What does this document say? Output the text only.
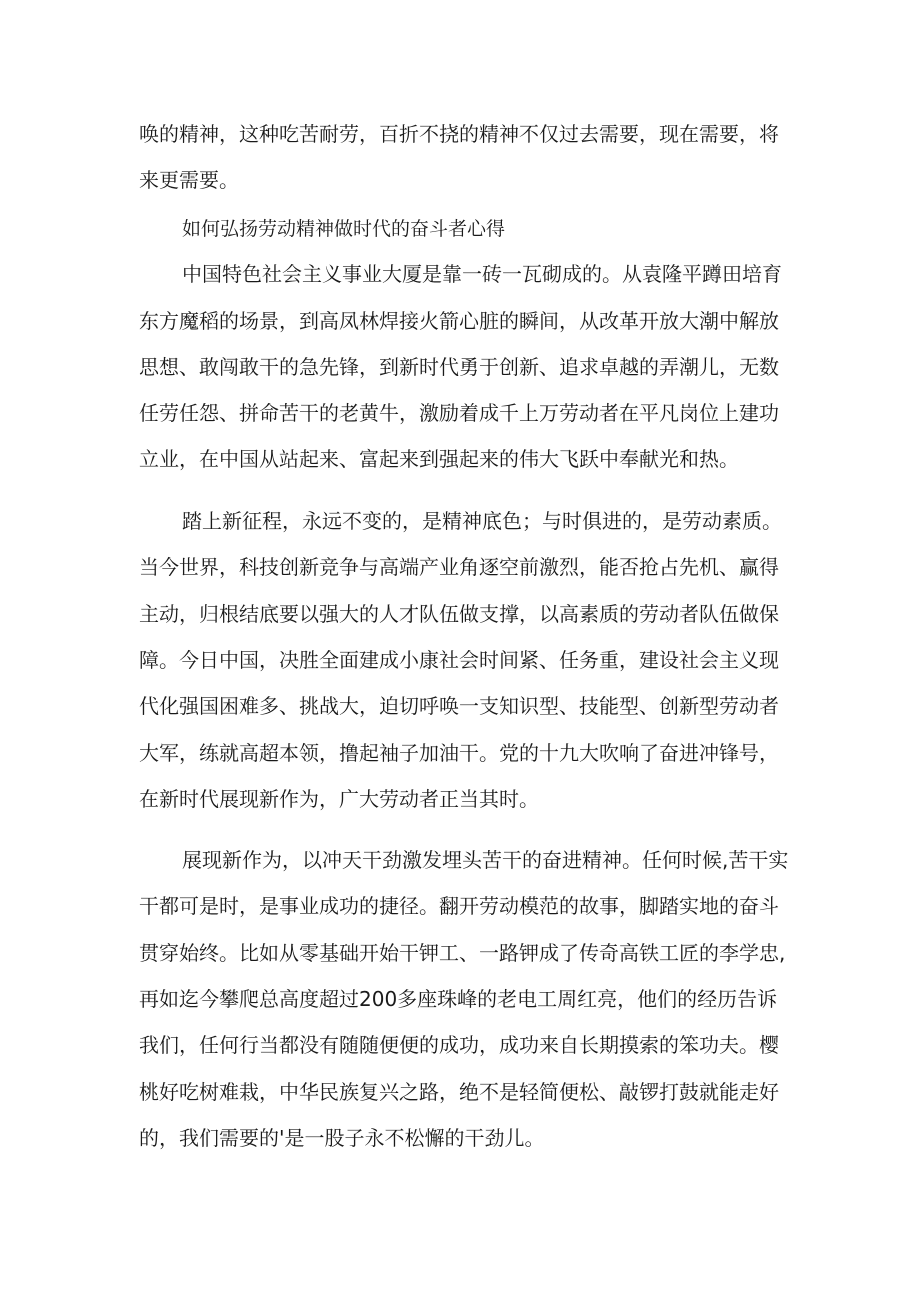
唤的精神，这种吃苦耐劳，百折不挠的精神不仅过去需要，现在需要，将
来更需要。
如何弘扬劳动精神做时代的奋斗者心得
中国特色社会主义事业大厦是靠一砖一瓦砌成的。从袁隆平蹲田培育
东方魔稻的场景，到高凤林焊接火箭心脏的瞬间，从改革开放大潮中解放
思想、敢闯敢干的急先锋，到新时代勇于创新、追求卓越的弄潮儿，无数
任劳任怨、拼命苦干的老黄牛，激励着成千上万劳动者在平凡岗位上建功
立业，在中国从站起来、富起来到强起来的伟大飞跃中奉献光和热。
踏上新征程，永远不变的，是精神底色；与时俱进的，是劳动素质。
当今世界，科技创新竞争与高端产业角逐空前激烈，能否抢占先机、赢得
主动，归根结底要以强大的人才队伍做支撑，以高素质的劳动者队伍做保
障。今日中国，决胜全面建成小康社会时间紧、任务重，建设社会主义现
代化强国困难多、挑战大，迫切呼唤一支知识型、技能型、创新型劳动者
大军，练就高超本领，撸起袖子加油干。党的十九大吹响了奋进冲锋号，
在新时代展现新作为，广大劳动者正当其时。
展现新作为，以冲天干劲激发埋头苦干的奋进精神。任何时候,苦干实
干都可是时，是事业成功的捷径。翻开劳动模范的故事，脚踏实地的奋斗
贯穿始终。比如从零基础开始干钾工、一路钾成了传奇高铁工匠的李学忠,
再如迄今攀爬总高度超过200多座珠峰的老电工周红亮，他们的经历告诉
我们，任何行当都没有随随便便的成功，成功来自长期摸索的笨功夫。樱
桃好吃树难栽，中华民族复兴之路，绝不是轻简便松、敲锣打鼓就能走好
的，我们需要的'是一股子永不松懈的干劲儿。
